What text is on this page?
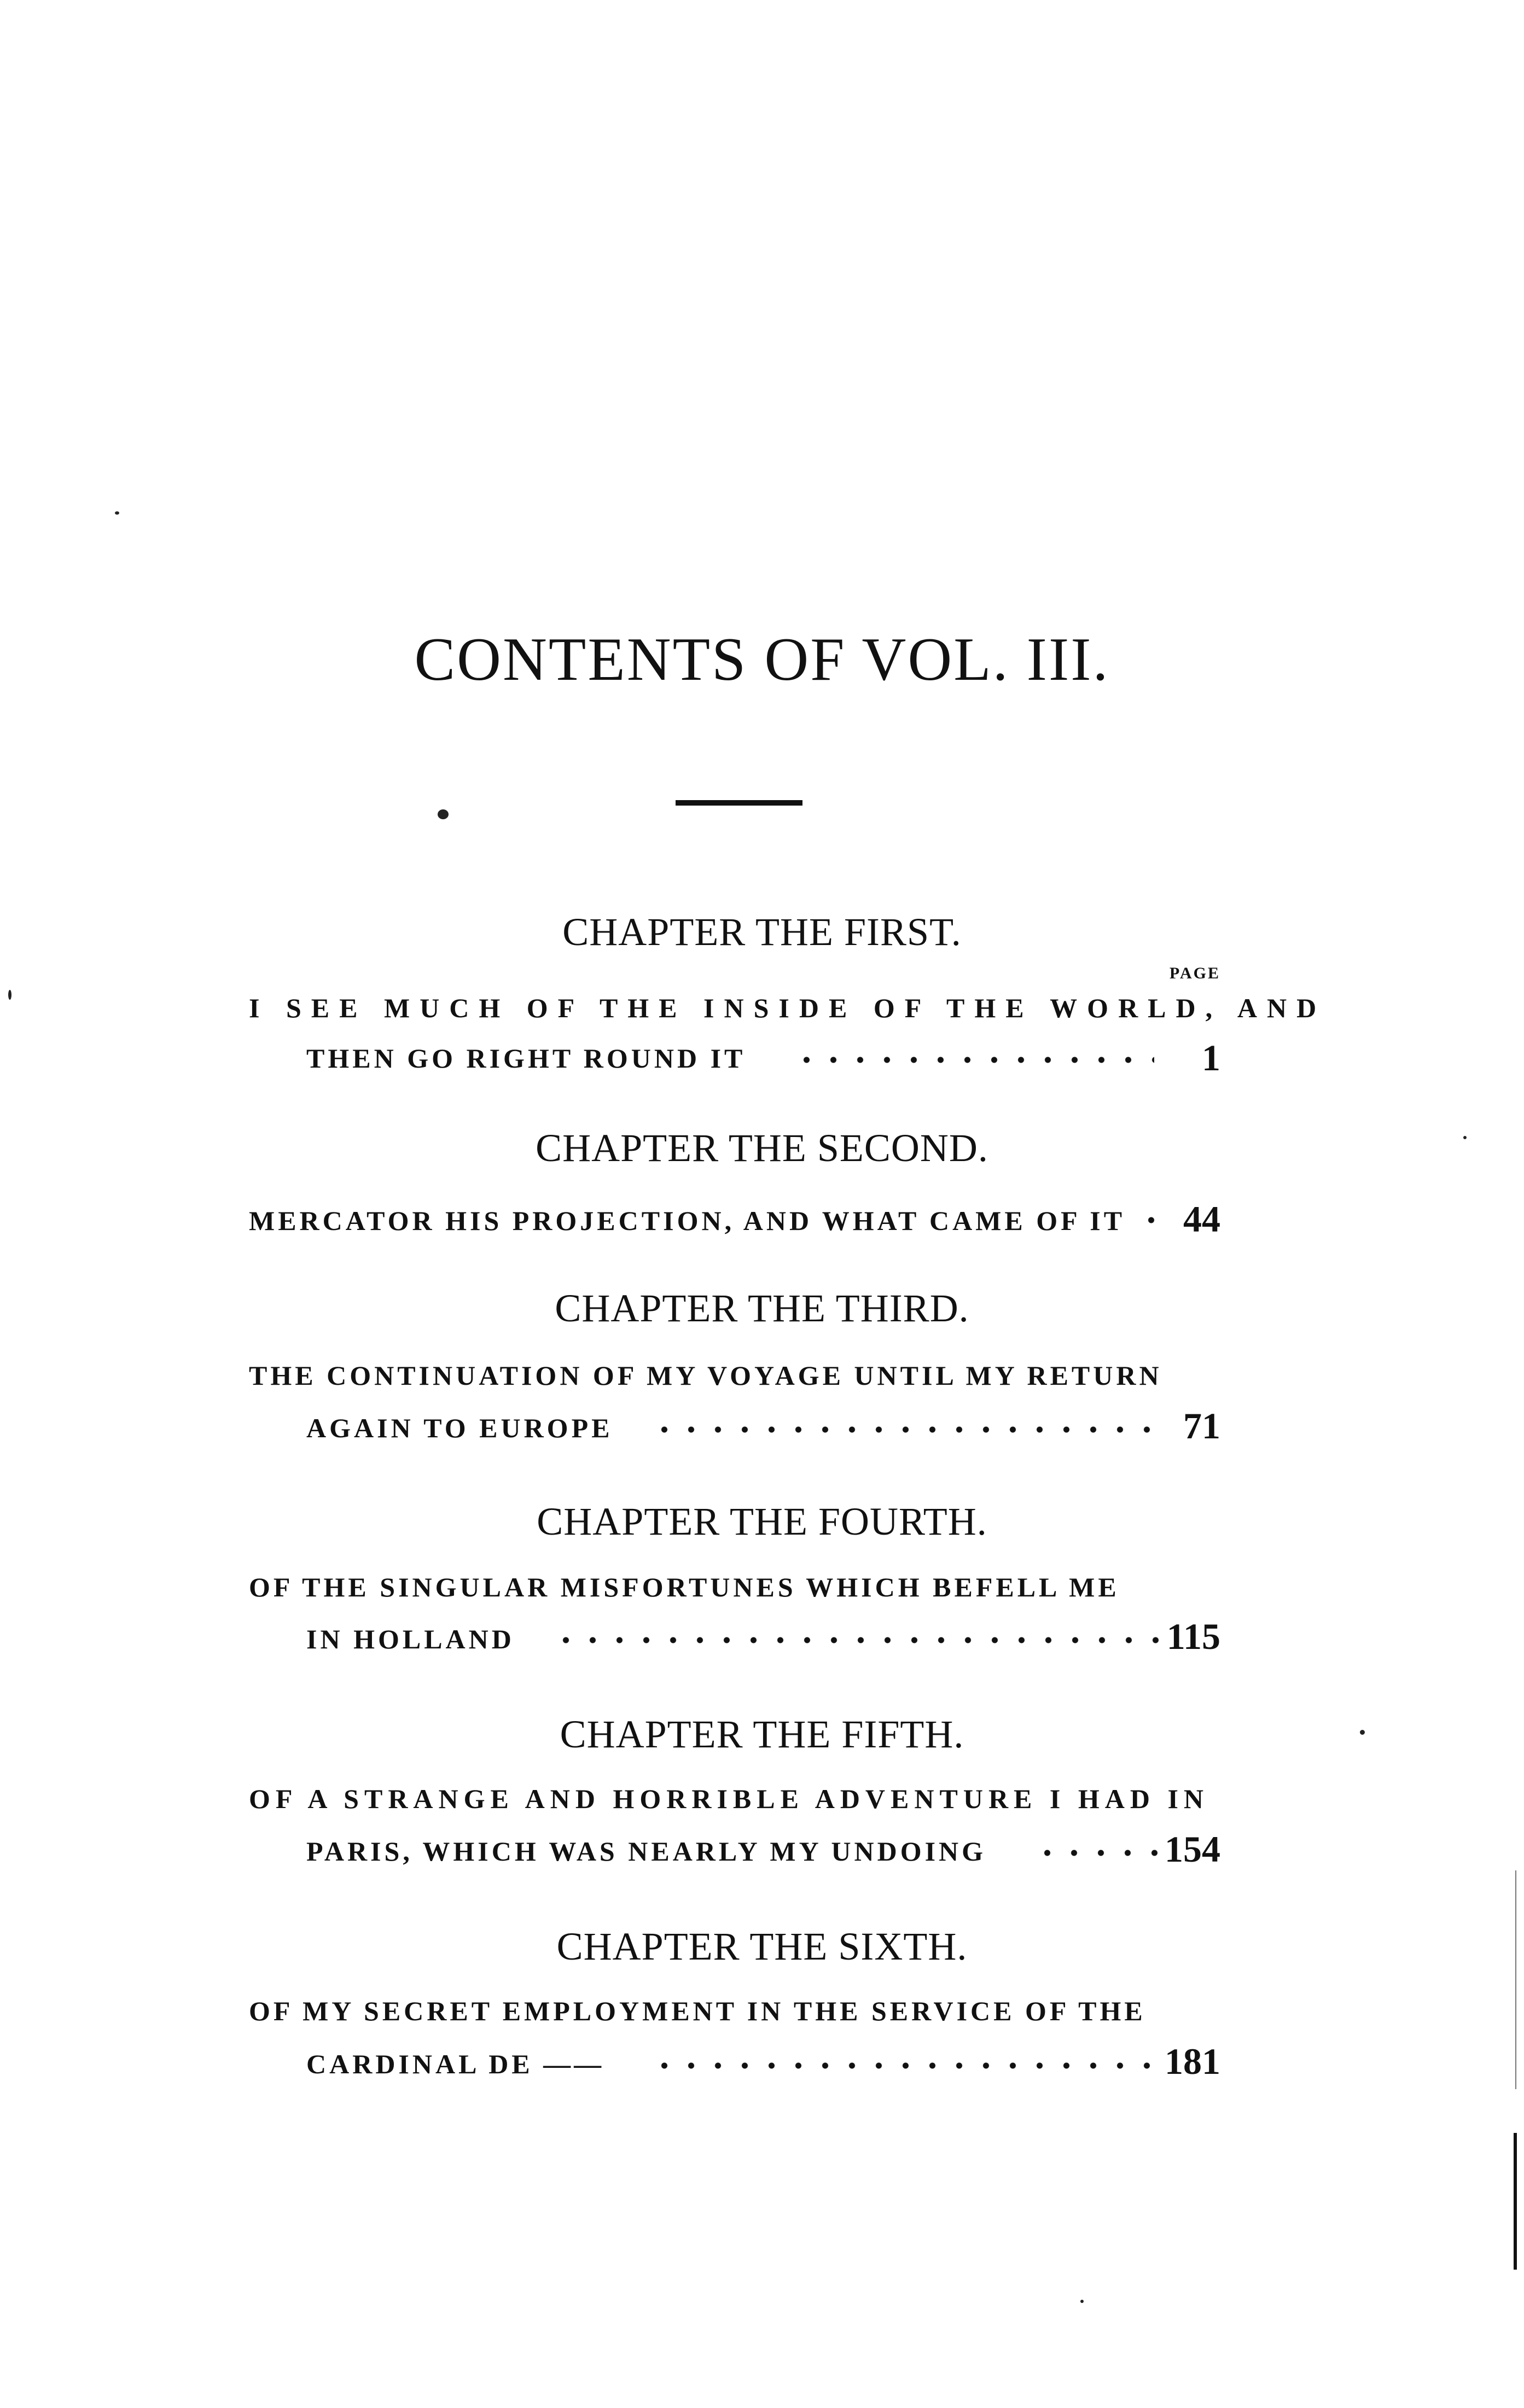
CONTENTS OF VOL. III.
PAGE
CHAPTER THE FIRST.
I SEE MUCH OF THE INSIDE OF THE WORLD, AND
THEN GO RIGHT ROUND IT	1
CHAPTER THE SECOND.
MERCATOR HIS PROJECTION, AND WHAT CAME OF IT	44
CHAPTER THE THIRD.
THE CONTINUATION OF MY VOYAGE UNTIL MY RETURN
AGAIN TO EUROPE	71
CHAPTER THE FOURTH.
OF THE SINGULAR MISFORTUNES WHICH BEFELL ME
IN HOLLAND	115
CHAPTER THE FIFTH.
OF A STRANGE AND HORRIBLE ADVENTURE I HAD IN
PARIS, WHICH WAS NEARLY MY UNDOING	154
CHAPTER THE SIXTH.
OF MY SECRET EMPLOYMENT IN THE SERVICE OF THE
CARDINAL DE ——	181
